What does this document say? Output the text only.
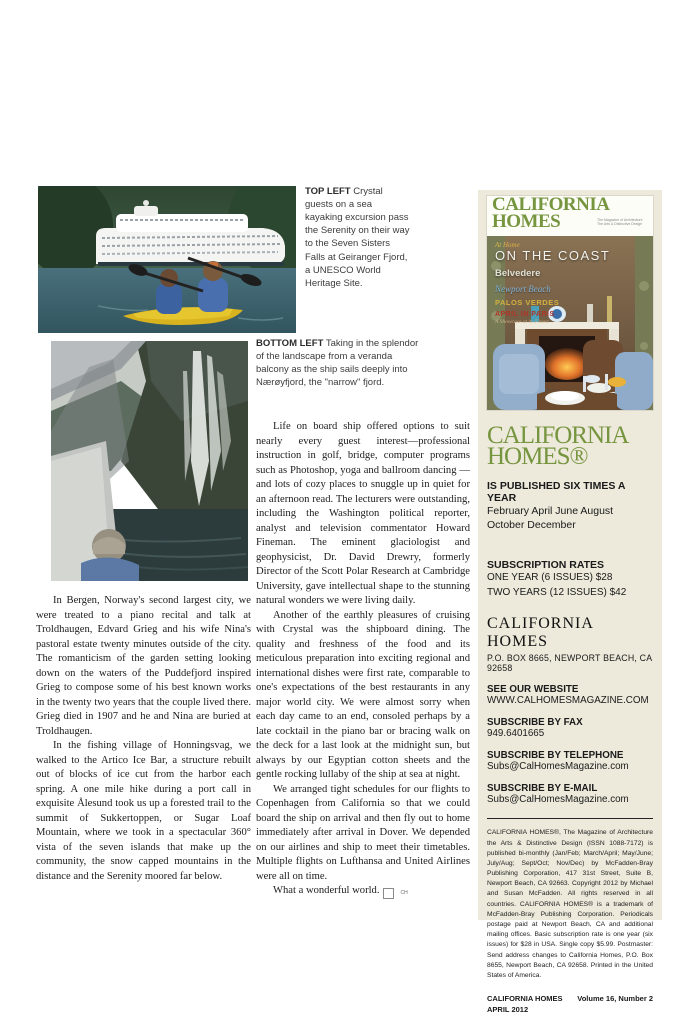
TOP LEFT Crystal guests on a sea kayaking excursion pass the Serenity on their way to the Seven Sisters Falls at Geiranger Fjord, a UNESCO World Heritage Site.
BOTTOM LEFT Taking in the splendor of the landscape from a veranda balcony as the ship sails deeply into Nærøyfjord, the "narrow" fjord.

Life on board ship offered options to suit nearly every guest interest—professional instruction in golf, bridge, computer programs such as Photoshop, yoga and ballroom dancing —and lots of cozy places to snuggle up in quiet for an afternoon read. The lecturers were outstanding, including the Washington political reporter, analyst and television commentator Howard Fineman. The eminent glaciologist and geophysicist, Dr. David Drewry, formerly Director of the Scott Polar Research at Cambridge University, gave intellectual shape to the stunning natural wonders we were living daily.

Another of the earthly pleasures of cruising with Crystal was the shipboard dining. The quality and freshness of the food and its meticulous preparation into exciting regional and international dishes were first rate, comparable to one's expectations of the best restaurants in any major world city. We were almost sorry when each day came to an end, consoled perhaps by a late cocktail in the piano bar or bracing walk on the deck for a last look at the midnight sun, but always by our Egyptian cotton sheets and the gentle rocking lullaby of the ship at sea at night.

We arranged tight schedules for our flights to Copenhagen from California so that we could board the ship on arrival and then fly out to home immediately after arrival in Dover. We depended on our airlines and ship to meet their timetables. Multiple flights on Lufthansa and United Airlines were all on time.

What a wonderful world.	CH

In Bergen, Norway's second largest city, we were treated to a piano recital and talk at Troldhaugen, Edvard Grieg and his wife Nina's pastoral estate twenty minutes outside of the city. The romanticism of the garden setting looking down on the waters of the Puddefjord inspired Grieg to compose some of his best known works in the twenty two years that the couple lived there. Grieg died in 1907 and he and Nina are buried at Troldhaugen.

In the fishing village of Honningsvag, we walked to the Artico Ice Bar, a structure rebuilt out of blocks of ice cut from the harbor each spring. A one mile hike during a port call in exquisite Ålesund took us up a forested trail to the summit of Sukkertoppen, or Sugar Loaf Mountain, where we took in a spectacular 360° vista of the seven islands that make up the community, the snow capped mountains in the distance and the Serenity moored far below.

CALIFORNIA
HOMES	The Magazine of Architecture The Arts & Distinctive Design
At Home
ON THE COAST
Belvedere
Newport Beach
PALOS VERDES
APRIL IN PARIS
A Showcase at its Finest
CALIFORNIA
HOMES®
IS PUBLISHED SIX TIMES A YEAR
February April June August
October December
SUBSCRIPTION RATES
ONE YEAR (6 ISSUES) $28
TWO YEARS (12 ISSUES) $42
CALIFORNIA HOMES
P.O. BOX 8665, NEWPORT BEACH, CA 92658
SEE OUR WEBSITE
WWW.CALHOMESMAGAZINE.COM
SUBSCRIBE BY FAX
949.6401665
SUBSCRIBE BY TELEPHONE
Subs@CalHomesMagazine.com
SUBSCRIBE BY E-MAIL
Subs@CalHomesMagazine.com
CALIFORNIA HOMES®, The Magazine of Architecture the Arts & Distinctive Design (ISSN 1088-7172) is published bi-monthly (Jan/Feb; March/April; May/June; July/Aug; Sept/Oct; Nov/Dec) by McFadden-Bray Publishing Corporation, 417 31st Street, Suite B, Newport Beach, CA 92663. Copyright 2012 by Michael and Susan McFadden. All rights reserved in all countries. CALIFORNIA HOMES® is a trademark of McFadden-Bray Publishing Corporation. Periodicals postage paid at Newport Beach, CA and additional mailing offices. Basic subscription rate is one year (six issues) for $28 in USA. Single copy $5.99. Postmaster: Send address changes to California Homes, P.O. Box 8655, Newport Beach, CA 92658. Printed in the United States of America.
CALIFORNIA HOMES
APRIL 2012
Volume 16, Number 2
